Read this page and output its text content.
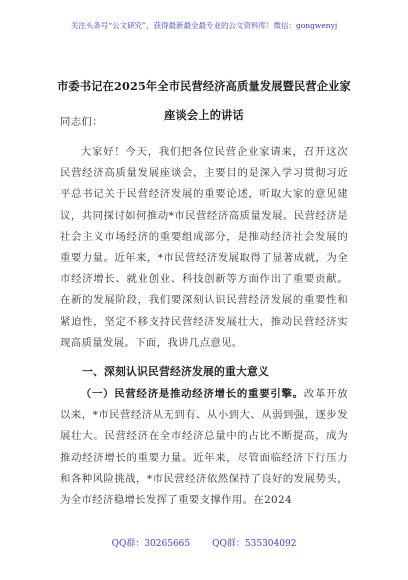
关注头条号“公文研究”，获得最新最全最专业的公文资料库！微信：gongwenyj
市委书记在2025年全市民营经济高质量发展暨民营企业家座谈会上的讲话

同志们：

大家好！今天，我们把各位民营企业家请来，召开这次民营经济高质量发展座谈会，主要目的是深入学习贯彻习近平总书记关于民营经济发展的重要论述，听取大家的意见建议，共同探讨如何推动*市民营经济高质量发展。民营经济是社会主义市场经济的重要组成部分，是推动经济社会发展的重要力量。近年来，*市民营经济发展取得了显著成就，为全市经济增长、就业创业、科技创新等方面作出了重要贡献。在新的发展阶段，我们要深刻认识民营经济发展的重要性和紧迫性，坚定不移支持民营经济发展壮大，推动民营经济实现高质量发展。下面，我讲几点意见。

一、深刻认识民营经济发展的重大意义

（一）民营经济是推动经济增长的重要引擎。改革开放以来，*市民营经济从无到有、从小到大、从弱到强，逐步发展壮大。民营经济在全市经济总量中的占比不断提高，成为推动经济增长的重要力量。近年来，尽管面临经济下行压力和各种风险挑战，*市民营经济依然保持了良好的发展势头，为全市经济稳增长发挥了重要支撑作用。在2024

QQ群：30265665 QQ群：535304092
